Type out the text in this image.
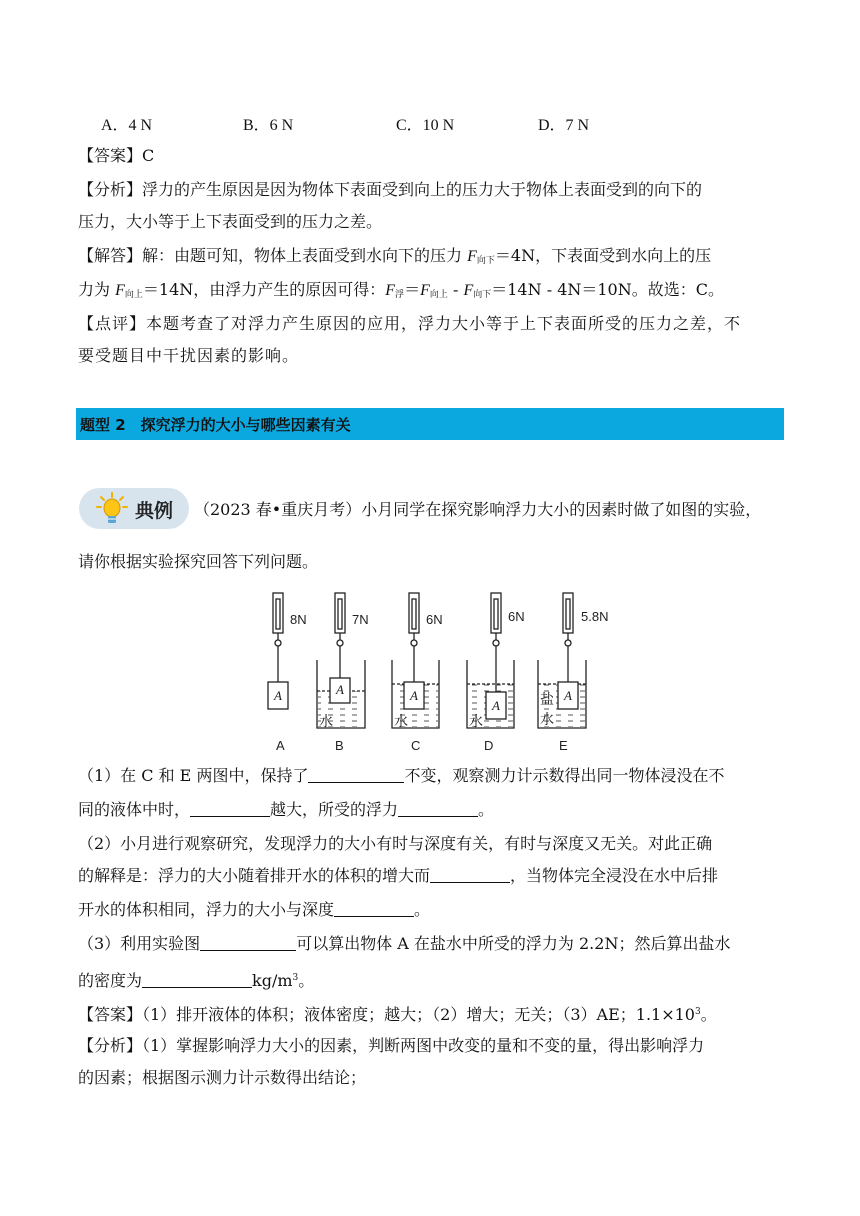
A．4 N	B．6 N	C．10 N	D．7 N
【答案】C
【分析】浮力的产生原因是因为物体下表面受到向上的压力大于物体上表面受到的向下的
压力，大小等于上下表面受到的压力之差。
【解答】解：由题可知，物体上表面受到水向下的压力 $F_{向下}=4N$，下表面受到水向上的压
力为 $F_{向上}=14N$，由浮力产生的原因可得：$F_浮=F_{向上} - F_{向下}=14N - 4N=10N$。故选：C。
【点评】本题考查了对浮力产生原因的应用，浮力大小等于上下表面所受的压力之差，不
要受题目中干扰因素的影响。
题型 2　探究浮力的大小与哪些因素有关
典例 （2023 春•重庆月考）小月同学在探究影响浮力大小的因素时做了如图的实验，
请你根据实验探究回答下列问题。
8N	7N	6N	6N	5.8N
A	A	A
A
A
水	水	水
盐
水
A	B	C	D	E
（1）在 C 和 E 两图中，保持了	不变，观察测力计示数得出同一物体浸没在不
同的液体中时，	越大，所受的浮力	。
（2）小月进行观察研究，发现浮力的大小有时与深度有关，有时与深度又无关。对此正确
的解释是：浮力的大小随着排开水的体积的增大而	，当物体完全浸没在水中后排
开水的体积相同，浮力的大小与深度	。
（3）利用实验图	可以算出物体 A 在盐水中所受的浮力为 2.2N；然后算出盐水
的密度为	$kg/m^3$。
【答案】（1）排开液体的体积；液体密度；越大；（2）增大；无关；（3）AE；$1.1\times 10^3$。
【分析】（1）掌握影响浮力大小的因素，判断两图中改变的量和不变的量，得出影响浮力
的因素；根据图示测力计示数得出结论；
